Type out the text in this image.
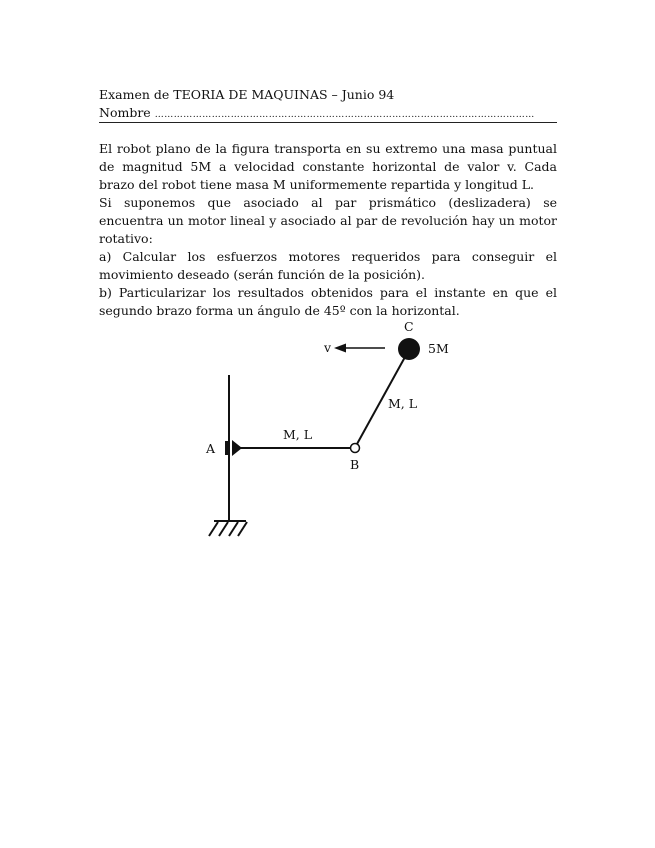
Examen de TEORIA DE MAQUINAS – Junio 94
Nombre …………………………………………………………………………………………………………

El robot plano de la figura transporta en su extremo una masa puntual de magnitud 5M a velocidad constante horizontal de valor v. Cada brazo del robot tiene masa M uniformemente repartida y longitud L.

Si suponemos que asociado al par prismático (deslizadera) se encuentra un motor lineal y asociado al par de revolución hay un motor rotativo:

a) Calcular los esfuerzos motores requeridos para conseguir el movimiento deseado (serán función de la posición).

b) Particularizar los resultados obtenidos para el instante en que el segundo brazo forma un ángulo de 45º con la horizontal.

A
B
C
v	5M
M, L
M, L
